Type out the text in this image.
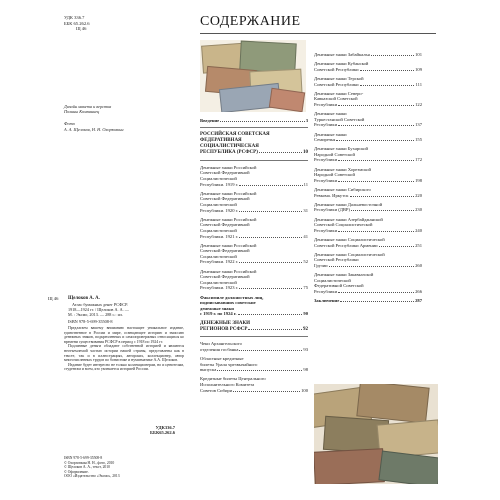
УДК 336.7
ББК 65.262.6
Щ 46
Дизайн макета и верстка
Полины Компаниец
Фото
А. А. Щелоков, Н. Н. Охорзовкин
Щ 46	Щелоков А. А.
Атлас бумажных денег РСФСР.
1918—1924 гг. / Щелоков А. А. —
М. : Эксмо, 2013. — 288 с.: ил.
ISBN 978-5-699-35508-8
Предлагаем вашему вниманию настоящее уникальное издание, единственное в России и мире, освещающее историю и эмиссию денежных знаков, подкрепленных и самоопровержных относящихся ко времени существования РСФСР в период с 1918 по 1924 гг.
Подлинные деньги обладают собственной историей и являются неотъемлемой частью истории нашей страны, представлены как в тексте, так и в иллюстрациях, авторских, коллекционер, автор многочисленных трудов по бонистике и нумизматике А.А. Щелоков.
Издание будет интересно не только коллекционерам, но и ценителям, студентам и всем, кто увлекается историей России.
УДК336.7
ББК65.262.6
ISBN 978-5-699-35508-8
© Охорзовкин Н. Н., фото, 2010
© Щелоков А. А., текст, 2010
© Оформление.
ООО «Издательство «Эксмо», 2013
СОДЕРЖАНИЕ
Введение	3
РОССИЙСКАЯ СОВЕТСКАЯ
ФЕДЕРАТИВНАЯ
СОЦИАЛИСТИЧЕСКАЯ
РЕСПУБЛИКА (РСФСР)	10
Денежные знаки Российской
Советской Федеративной
Социалистической
Республики. 1919 г.	11
Денежные знаки Российской
Советской Федеративной
Социалистической
Республики. 1920 г.	31
Денежные знаки Российской
Советской Федеративной
Социалистической
Республики. 1921 г.	41
Денежные знаки Российской
Советской Федеративной
Социалистической
Республики. 1922 г.	52
Денежные знаки Российской
Советской Федеративной
Социалистической
Республики. 1923 г.	75
Факсимиле должностных лиц,
подписывавших советские
денежные знаки
с 1919 г. по 1924 г.	90
ДЕНЕЖНЫЕ ЗНАКИ
РЕГИОНОВ РСФСР	92
Чеки Архангельского
отделения госбанка	93
Областные кредитные
билеты Урала чрезвычайного
выпуска	98
Кредитные билеты Центрального
Исполнительного Комитета
Советов Сибири	100
Денежные знаки Забайкалья	101
Денежные знаки Кубанской
Советской Республики	109
Денежные знаки Терской
Советской Республики	111
Денежные знаки Северо-
Кавказской Советской
Республики	122
Денежные знаки
Туркестанской Советской
Республики	137
Денежные знаки
Семиречья	155
Денежные знаки Бухарской
Народной Советской
Республики	172
Денежные знаки Хорезмской
Народной Советской
Республики	198
Денежные знаки Сибирского
Ревкома. Иркутск	220
Денежные знаки Дальневосточной
Республики (ДВР)	230
Денежные знаки Азербайджанской
Советской Социалистической
Республики	240
Денежные знаки Социалистической
Советской Республики Армении	251
Денежные знаки Социалистической
Советской Республики
Грузии	260
Денежные знаки Закавказской
Социалистической
Федеративной Советской
Республики	266
Заключение	287
